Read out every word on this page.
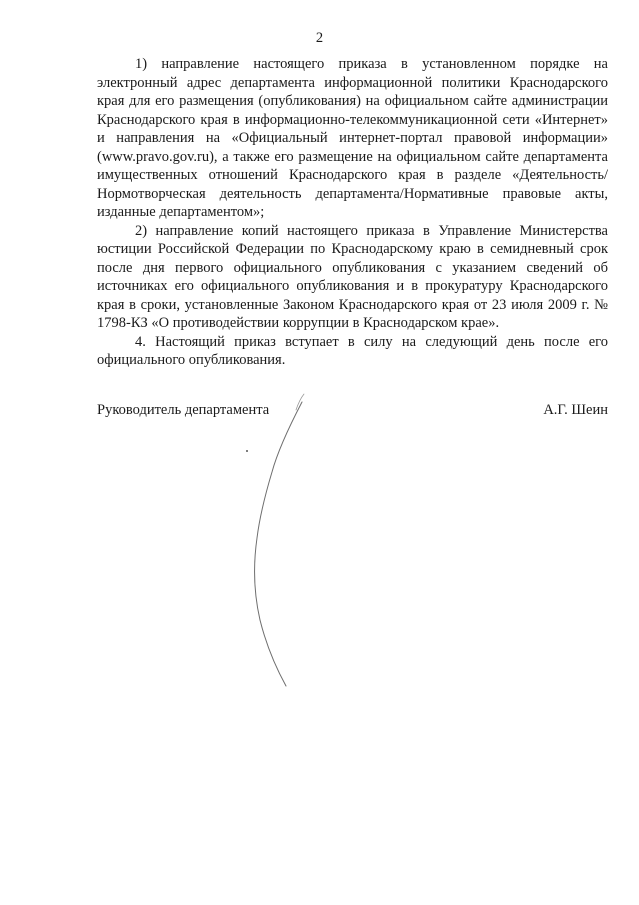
2

1) направление настоящего приказа в установленном порядке на электронный адрес департамента информационной политики Краснодарского края для его размещения (опубликования) на официальном сайте администрации Краснодарского края в информационно-телекоммуникационной сети «Интернет» и направления на «Официальный интернет-портал правовой информации» (www.pravo.gov.ru), а также его размещение на официальном сайте департамента имущественных отношений Краснодарского края в разделе «Деятельность/Нормотворческая деятельность департамента/Нормативные правовые акты, изданные департаментом»;

2) направление копий настоящего приказа в Управление Министерства юстиции Российской Федерации по Краснодарскому краю в семидневный срок после дня первого официального опубликования с указанием сведений об источниках его официального опубликования и в прокуратуру Краснодарского края в сроки, установленные Законом Краснодарского края от 23 июля 2009 г. № 1798-КЗ «О противодействии коррупции в Краснодарском крае».

4. Настоящий приказ вступает в силу на следующий день после его официального опубликования.

Руководитель департамента	А.Г. Шеин
